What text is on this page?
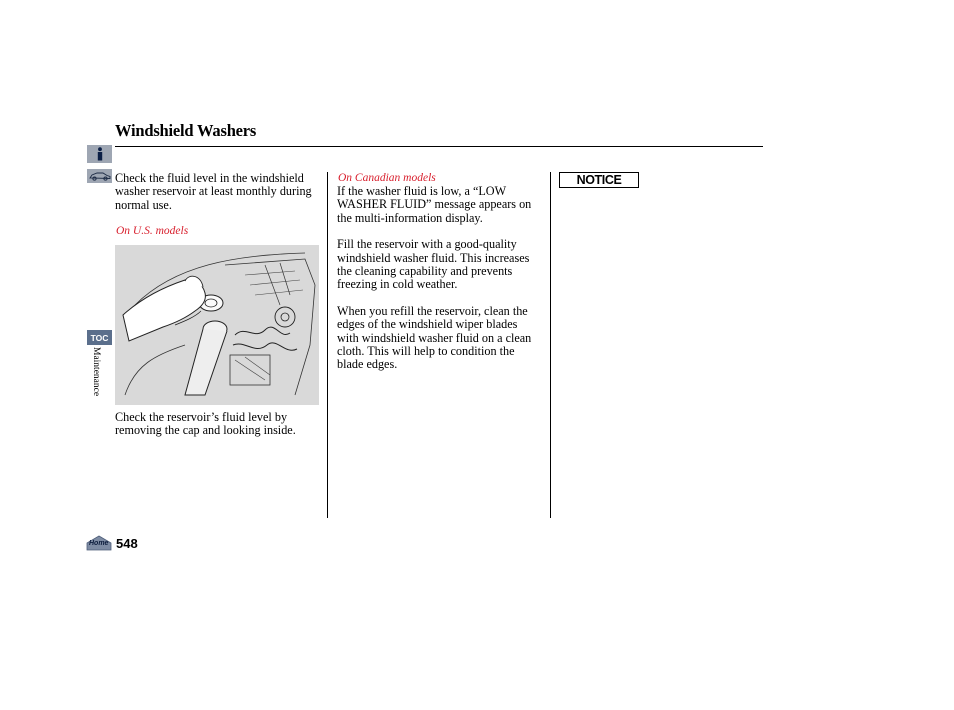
Windshield Washers
TOC
Maintenance
Check the fluid level in the windshield washer reservoir at least monthly during normal use.
On U.S. models
Check the reservoir’s fluid level by removing the cap and looking inside.
On Canadian models

If the washer fluid is low, a “LOW WASHER FLUID” message appears on the multi-information display.

Fill the reservoir with a good-quality windshield washer fluid. This increases the cleaning capability and prevents freezing in cold weather.

When you refill the reservoir, clean the edges of the windshield wiper blades with windshield washer fluid on a clean cloth. This will help to condition the blade edges.

NOTICE
Home 548
